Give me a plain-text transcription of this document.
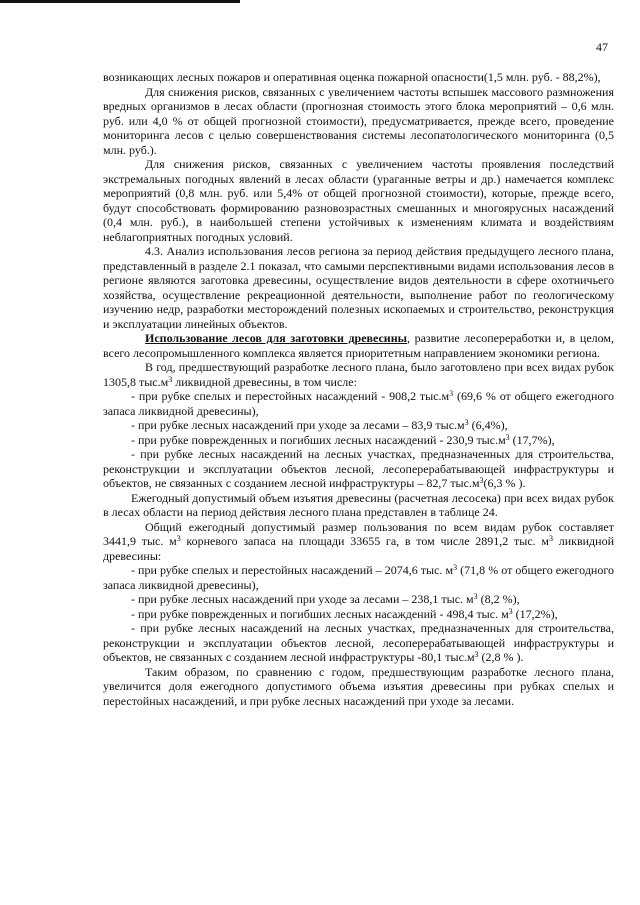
47

возникающих лесных пожаров и оперативная оценка пожарной опасности(1,5 млн. руб. - 88,2%),

Для снижения рисков, связанных с увеличением частоты вспышек массового размножения вредных организмов в лесах области (прогнозная стоимость этого блока мероприятий – 0,6 млн. руб. или 4,0 % от общей прогнозной стоимости), предусматривается, прежде всего, проведение мониторинга лесов с целью совершенствования системы лесопатологического мониторинга (0,5 млн. руб.).

Для снижения рисков, связанных с увеличением частоты проявления последствий экстремальных погодных явлений в лесах области (ураганные ветры и др.) намечается комплекс мероприятий (0,8 млн. руб. или 5,4% от общей прогнозной стоимости), которые, прежде всего, будут способствовать формированию разновозрастных смешанных и многоярусных насаждений (0,4 млн. руб.), в наибольшей степени устойчивых к изменениям климата и воздействиям неблагоприятных погодных условий.

4.3. Анализ использования лесов региона за период действия предыдущего лесного плана, представленный в разделе 2.1 показал, что самыми перспективными видами использования лесов в регионе являются заготовка древесины, осуществление видов деятельности в сфере охотничьего хозяйства, осуществление рекреационной деятельности, выполнение работ по геологическому изучению недр, разработки месторождений полезных ископаемых и строительство, реконструкция и эксплуатации линейных объектов.

Использование лесов для заготовки древесины, развитие лесопереработки и, в целом, всего лесопромышленного комплекса является приоритетным направлением экономики региона.

В год, предшествующий разработке лесного плана, было заготовлено при всех видах рубок 1305,8 $тыс.м^3$ ликвидной древесины, в том числе:

- при рубке спелых и перестойных насаждений - 908,2 $тыс.м^3$ (69,6 % от общего ежегодного запаса ликвидной древесины),

- при рубке лесных насаждений при уходе за лесами – 83,9 $тыс.м^3$ (6,4%),

- при рубке поврежденных и погибших лесных насаждений - 230,9 $тыс.м^3$ (17,7%),

- при рубке лесных насаждений на лесных участках, предназначенных для строительства, реконструкции и эксплуатации объектов лесной, лесоперерабатывающей инфраструктуры и объектов, не связанных с созданием лесной инфраструктуры – 82,7 $тыс.м^3(6,3$ % ).

Ежегодный допустимый объем изъятия древесины (расчетная лесосека) при всех видах рубок в лесах области на период действия лесного плана представлен в таблице 24.

Общий ежегодный допустимый размер пользования по всем видам рубок составляет 3441,9 тыс. $м^3$ корневого запаса на площади 33655 га, в том числе 2891,2 тыс. $м^3$ ликвидной древесины:

- при рубке спелых и перестойных насаждений – 2074,6 тыс. $м^3$ (71,8 % от общего ежегодного запаса ликвидной древесины),

- при рубке лесных насаждений при уходе за лесами – 238,1 тыс. $м^3$ (8,2 %),

- при рубке поврежденных и погибших лесных насаждений - 498,4 тыс. $м^3$ (17,2%),

- при рубке лесных насаждений на лесных участках, предназначенных для строительства, реконструкции и эксплуатации объектов лесной, лесоперерабатывающей инфраструктуры и объектов, не связанных с созданием лесной инфраструктуры -80,1 $тыс.м^3$ (2,8 % ).

Таким образом, по сравнению с годом, предшествующим разработке лесного плана, увеличится доля ежегодного допустимого объема изъятия древесины при рубках спелых и перестойных насаждений, и при рубке лесных насаждений при уходе за лесами.
